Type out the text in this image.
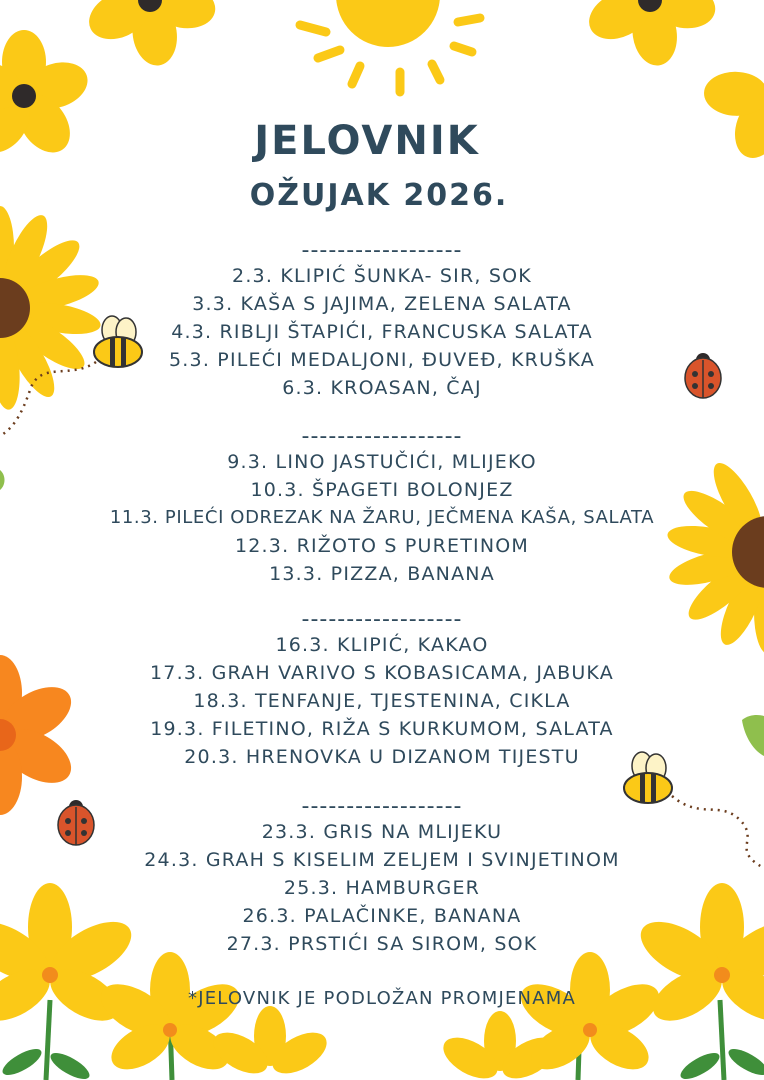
JELOVNIK
OŽUJAK 2026.
------------------
2.3. KLIPIĆ ŠUNKA- SIR, SOK
3.3. KAŠA S JAJIMA, ZELENA SALATA
4.3. RIBLJI ŠTAPIĆI, FRANCUSKA SALATA
5.3. PILEĆI MEDALJONI, ĐUVEĐ, KRUŠKA
6.3. KROASAN, ČAJ
------------------
9.3. LINO JASTUČIĆI, MLIJEKO
10.3. ŠPAGETI BOLONJEZ
11.3. PILEĆI ODREZAK NA ŽARU, JEČMENA KAŠA, SALATA
12.3. RIŽOTO S PURETINOM
13.3. PIZZA, BANANA
------------------
16.3. KLIPIĆ, KAKAO
17.3. GRAH VARIVO S KOBASICAMA, JABUKA
18.3. TENFANJE, TJESTENINA, CIKLA
19.3. FILETINO, RIŽA S KURKUMOM, SALATA
20.3. HRENOVKA U DIZANOM TIJESTU
------------------
23.3. GRIS NA MLIJEKU
24.3. GRAH S KISELIM ZELJEM I SVINJETINOM
25.3. HAMBURGER
26.3. PALAČINKE, BANANA
27.3. PRSTIĆI SA SIROM, SOK
*JELOVNIK JE PODLOŽAN PROMJENAMA
